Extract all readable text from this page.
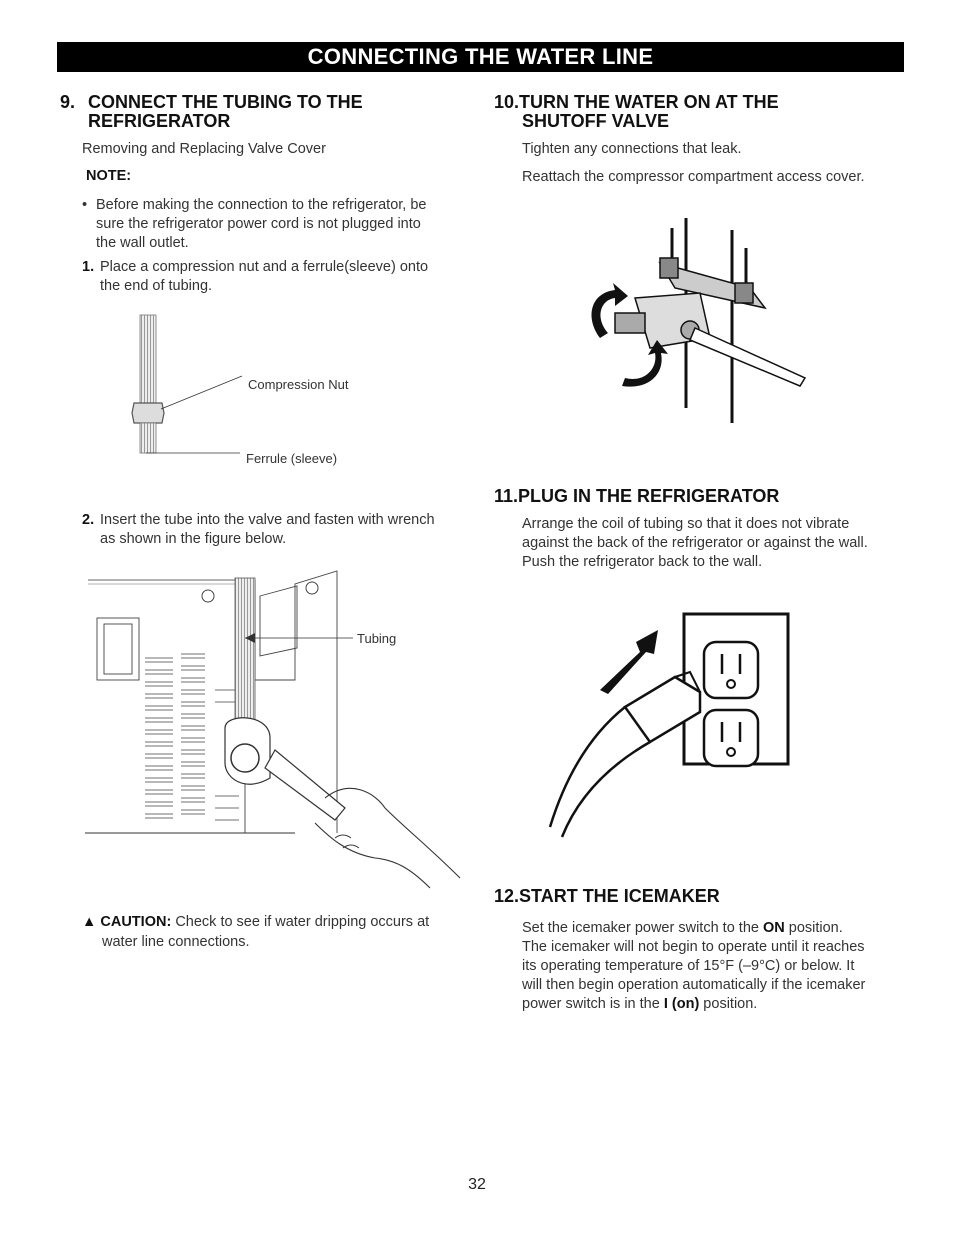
CONNECTING THE WATER LINE
9. CONNECT THE TUBING TO THE
REFRIGERATOR
Removing and Replacing Valve Cover
NOTE:
• Before making the connection to the refrigerator, be
sure the refrigerator power cord is not plugged into
the wall outlet.
1. Place a compression nut and a ferrule(sleeve) onto
the end of tubing.
Compression Nut
Ferrule (sleeve)
2. Insert the tube into the valve and fasten with wrench
as shown in the figure below.
Tubing
▲ CAUTION: Check to see if water dripping occurs at
water line connections.
10.TURN THE WATER ON AT THE
SHUTOFF VALVE
Tighten any connections that leak.
Reattach the compressor compartment access cover.
11.PLUG IN THE REFRIGERATOR
Arrange the coil of tubing so that it does not vibrate
against the back of the refrigerator or against the wall.
Push the refrigerator back to the wall.
12.START THE ICEMAKER
Set the icemaker power switch to the ON position.
The icemaker will not begin to operate until it reaches
its operating temperature of 15°F (–9°C) or below. It
will then begin operation automatically if the icemaker
power switch is in the I (on) position.
32
